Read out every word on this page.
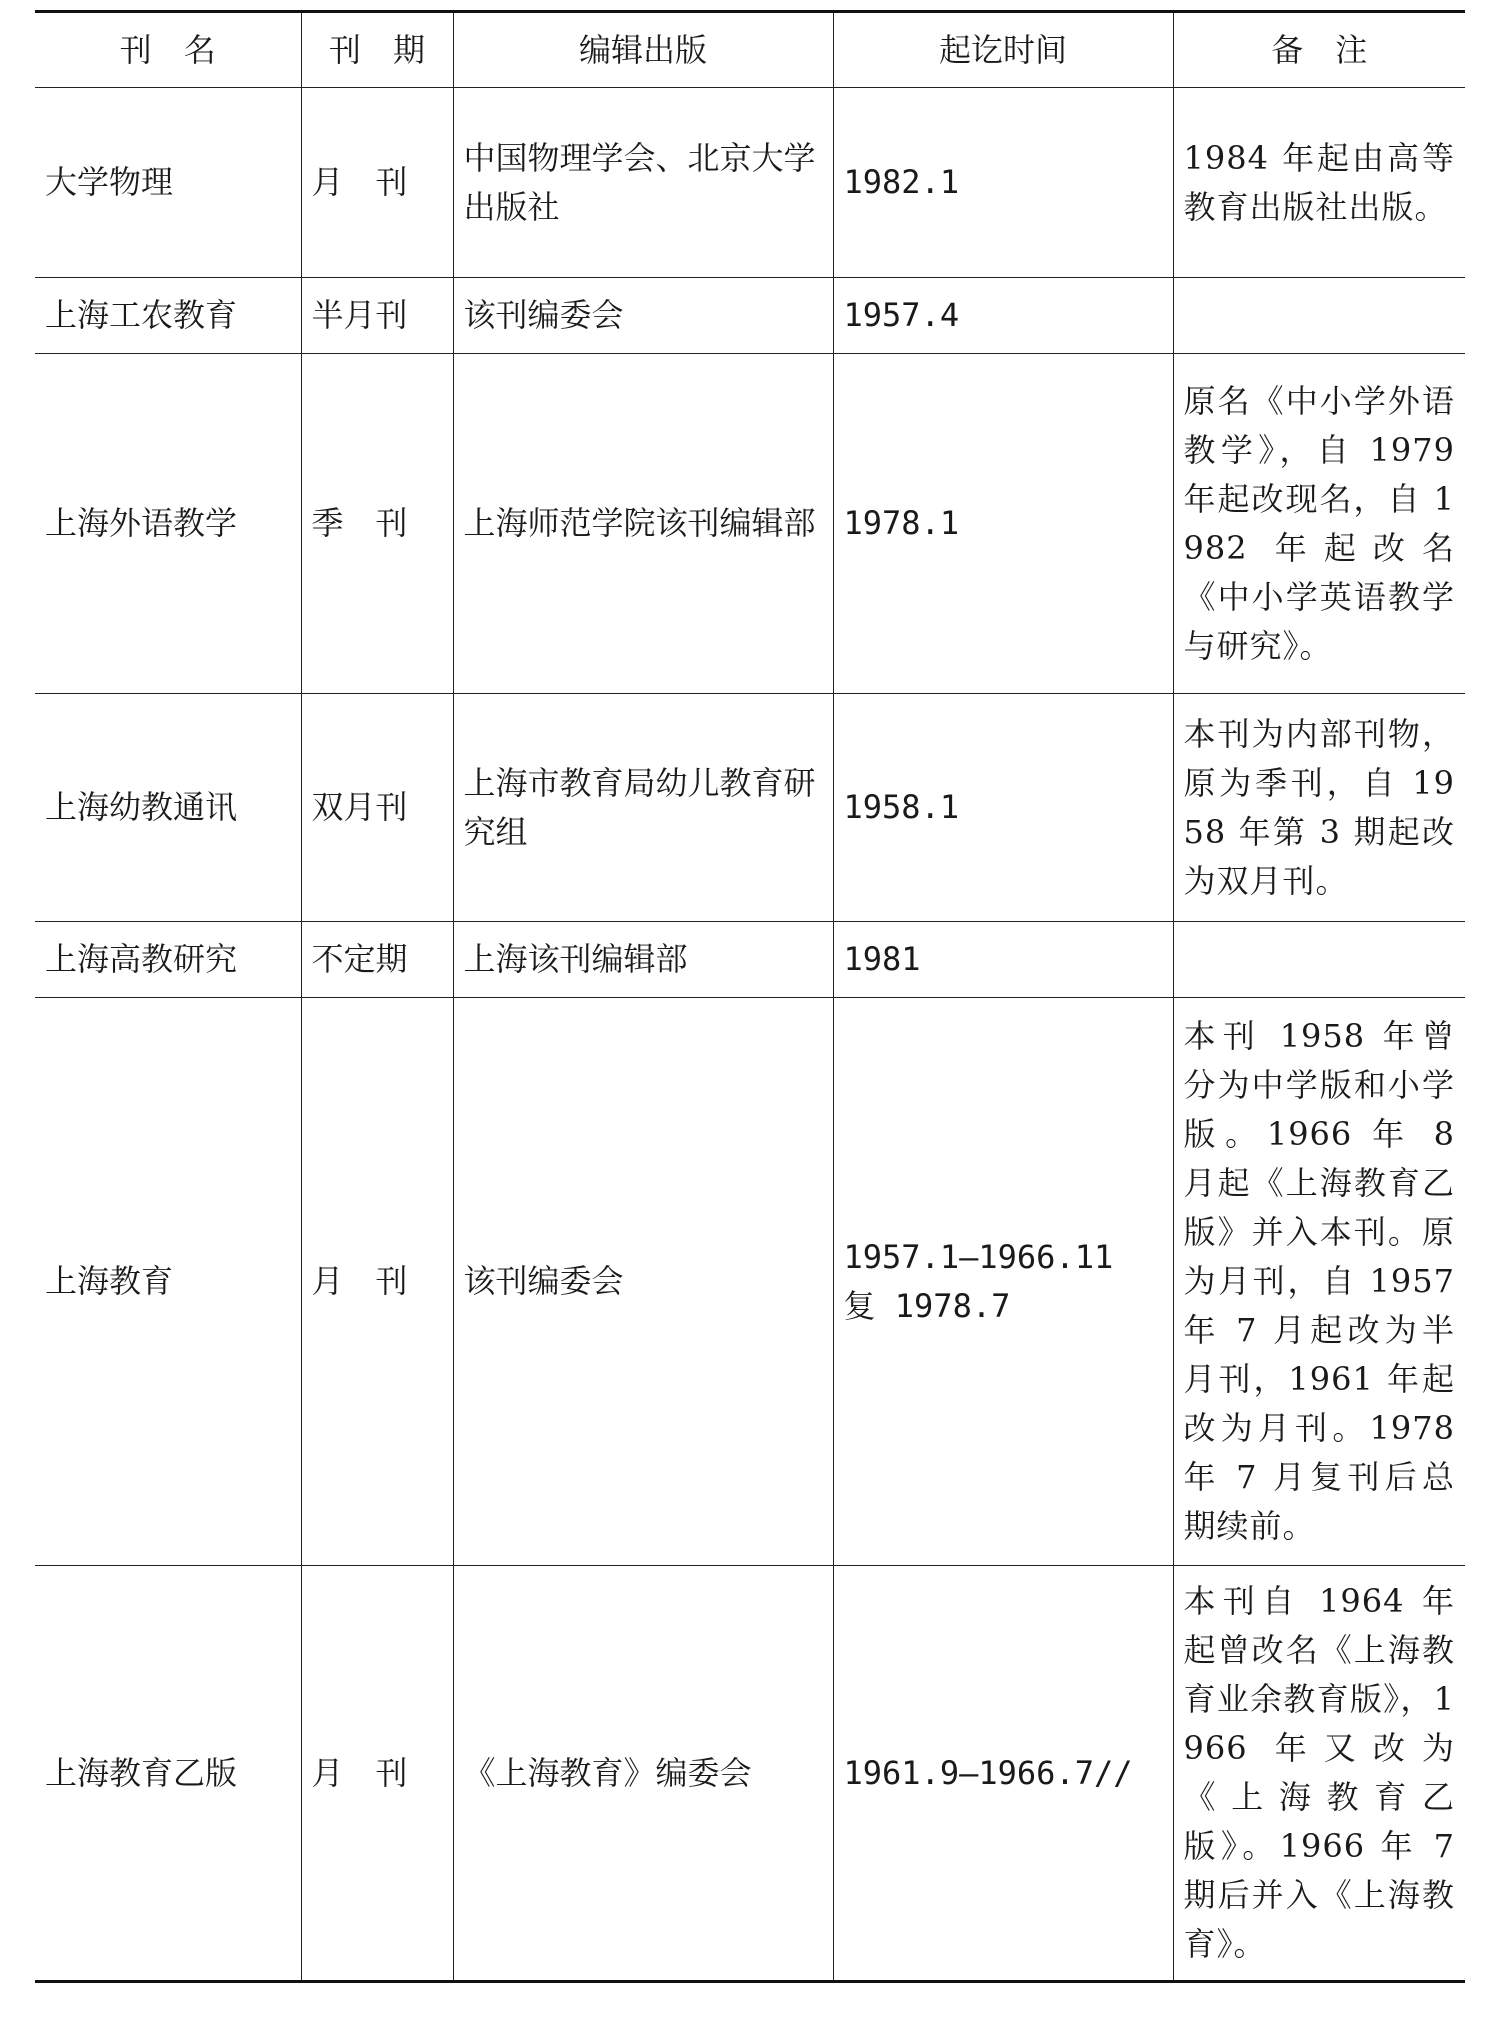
刊　名	刊　期	编辑出版	起讫时间	备　注
大学物理	月　刊	中国物理学会、北京大学出版社	1982.1	1984 年起由高等教育出版社出版。
上海工农教育	半月刊	该刊编委会	1957.4	
上海外语教学	季　刊	上海师范学院该刊编辑部	1978.1	原名《中小学外语教学》，自 1979 年起改现名，自 1982 年起改名《中小学英语教学与研究》。
上海幼教通讯	双月刊	上海市教育局幼儿教育研究组	1958.1	本刊为内部刊物，原为季刊，自 1958 年第 3 期起改为双月刊。
上海高教研究	不定期	上海该刊编辑部	1981	
上海教育	月　刊	该刊编委会	1957.1—1966.11 复 1978.7	本刊 1958 年曾分为中学版和小学版。1966 年 8 月起《上海教育乙版》并入本刊。原为月刊，自 1957 年 7 月起改为半月刊，1961 年起改为月刊。1978 年 7 月复刊后总期续前。
上海教育乙版	月　刊	《上海教育》编委会	1961.9—1966.7//	本刊自 1964 年起曾改名《上海教育业余教育版》，1966 年又改为《上海教育乙版》。1966 年 7 期后并入《上海教育》。
